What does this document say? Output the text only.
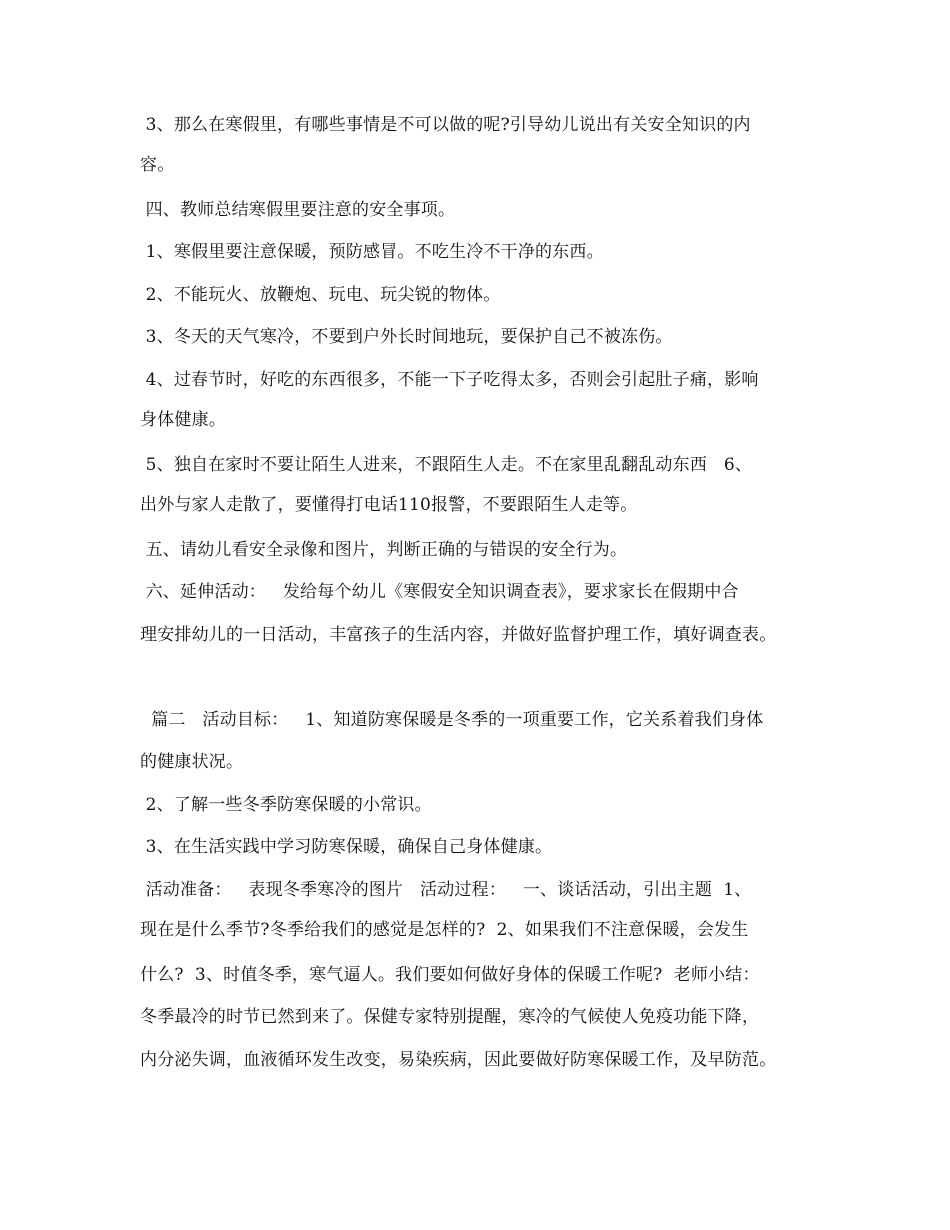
3、那么在寒假里，有哪些事情是不可以做的呢?引导幼儿说出有关安全知识的内
容。
四、教师总结寒假里要注意的安全事项。
1、寒假里要注意保暖，预防感冒。不吃生冷不干净的东西。
2、不能玩火、放鞭炮、玩电、玩尖锐的物体。
3、冬天的天气寒冷，不要到户外长时间地玩，要保护自己不被冻伤。
4、过春节时，好吃的东西很多，不能一下子吃得太多，否则会引起肚子痛，影响
身体健康。
5、独自在家时不要让陌生人进来，不跟陌生人走。不在家里乱翻乱动东西   6、
出外与家人走散了，要懂得打电话110报警，不要跟陌生人走等。
五、请幼儿看安全录像和图片，判断正确的与错误的安全行为。
六、延伸活动：   发给每个幼儿《寒假安全知识调查表》，要求家长在假期中合
理安排幼儿的一日活动，丰富孩子的生活内容，并做好监督护理工作，填好调查表。
篇二   活动目标：   1、知道防寒保暖是冬季的一项重要工作，它关系着我们身体
的健康状况。
2、了解一些冬季防寒保暖的小常识。
3、在生活实践中学习防寒保暖，确保自己身体健康。
活动准备：   表现冬季寒冷的图片   活动过程：   一、谈话活动，引出主题  1、
现在是什么季节?冬季给我们的感觉是怎样的?  2、如果我们不注意保暖，会发生
什么?  3、时值冬季，寒气逼人。我们要如何做好身体的保暖工作呢?  老师小结：
冬季最冷的时节已然到来了。保健专家特别提醒，寒冷的气候使人免疫功能下降，
内分泌失调，血液循环发生改变，易染疾病，因此要做好防寒保暖工作，及早防范。
